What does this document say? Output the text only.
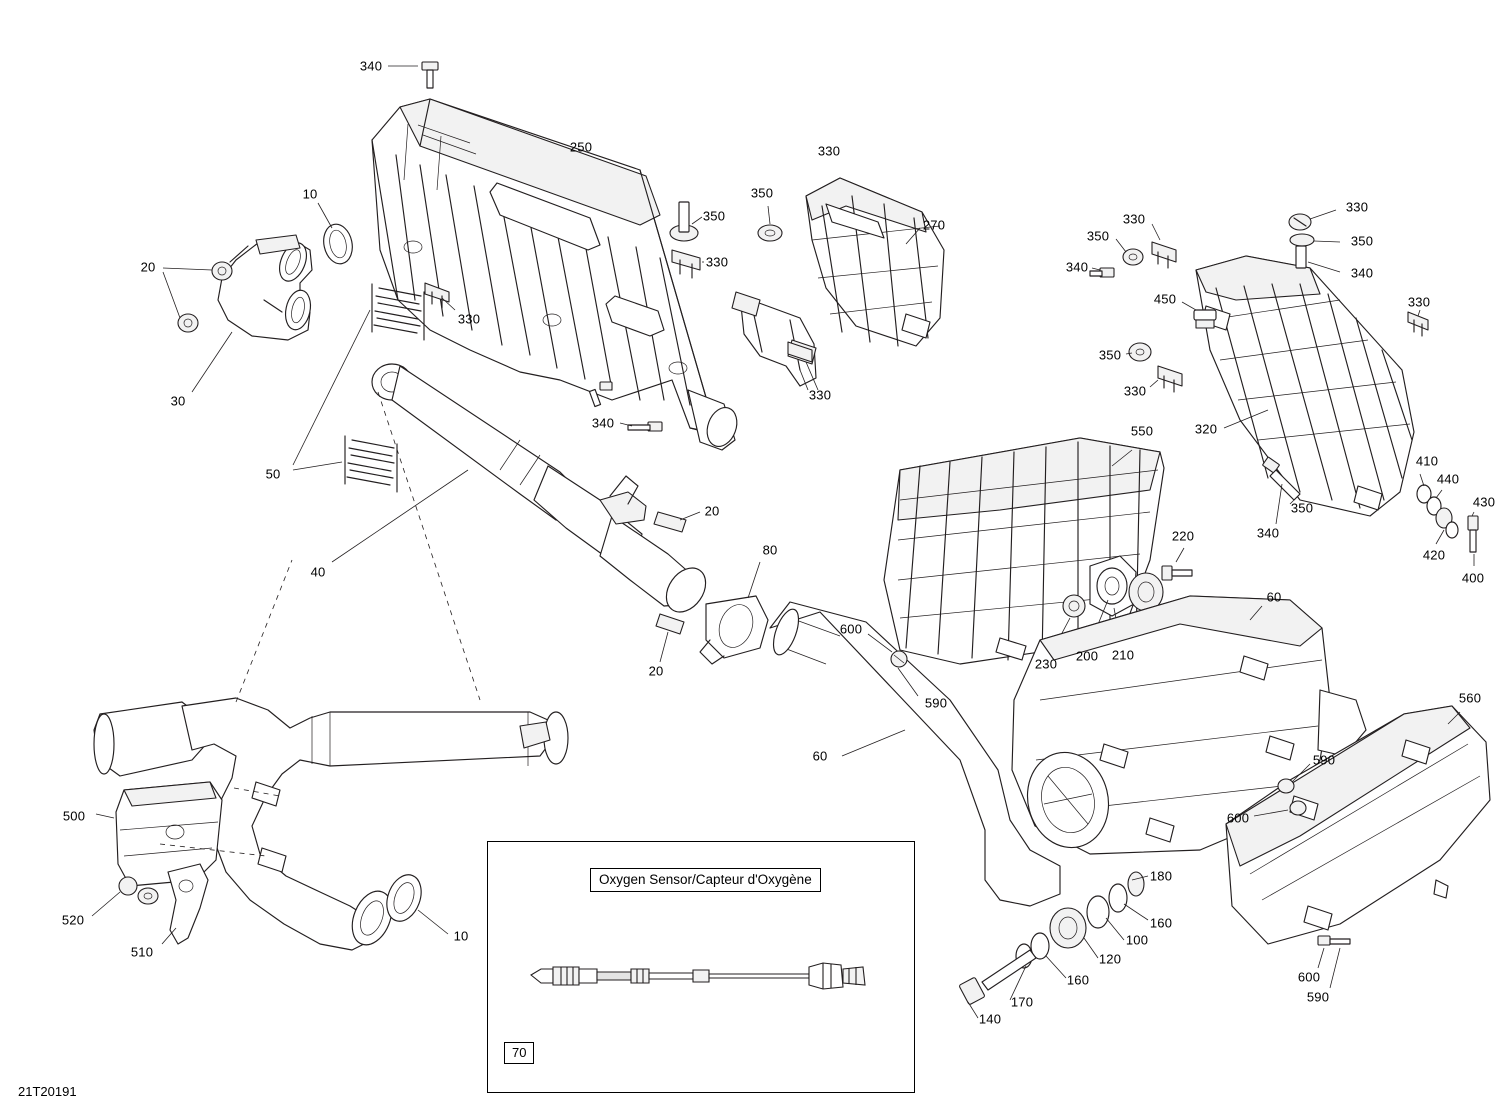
Oxygen Sensor/Capteur d'Oxygène
70
340
250
10	350
330
270
350
330
20
330
30
50
340
330
40
20
20
80
600
590
60
550
330
350
340
450
350
330
330
350
340
330
320
410
440
430
350
340
420
400
220
230
200 210
60
560
590
600
600
590
180
160
100
120
160
170
140
500
520
510
10
21T20191
